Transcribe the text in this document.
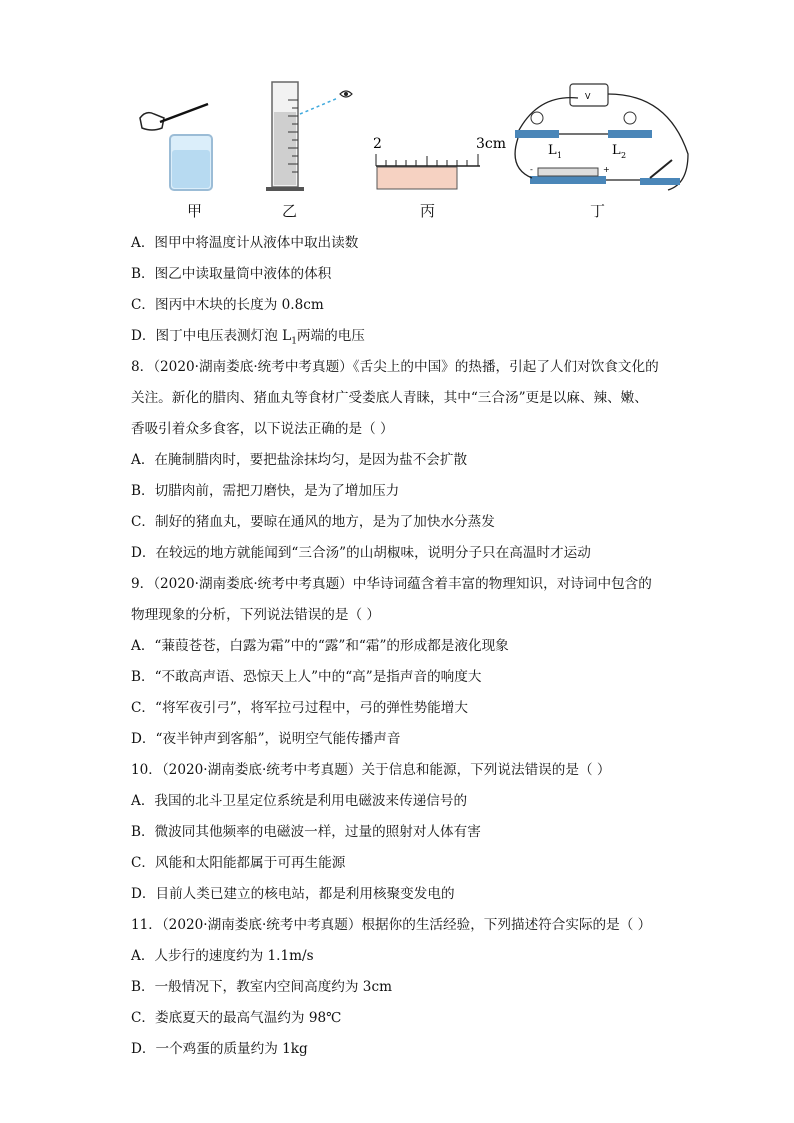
2	3cm
V
L 1	L 2
+
-
甲	乙	丙	丁
A．图甲中将温度计从液体中取出读数
B．图乙中读取量筒中液体的体积
C．图丙中木块的长度为 0.8cm
D．图丁中电压表测灯泡 $L_1$两端的电压
8．（2020·湖南娄底·统考中考真题）《舌尖上的中国》的热播，引起了人们对饮食文化的
关注。新化的腊肉、猪血丸等食材广受娄底人青睐，其中“三合汤”更是以麻、辣、嫩、
香吸引着众多食客，以下说法正确的是（ ）
A．在腌制腊肉时，要把盐涂抹均匀，是因为盐不会扩散
B．切腊肉前，需把刀磨快，是为了增加压力
C．制好的猪血丸，要晾在通风的地方，是为了加快水分蒸发
D．在较远的地方就能闻到“三合汤”的山胡椒味，说明分子只在高温时才运动
9．（2020·湖南娄底·统考中考真题）中华诗词蕴含着丰富的物理知识，对诗词中包含的
物理现象的分析，下列说法错误的是（ ）
A．“蒹葭苍苍，白露为霜”中的“露”和“霜”的形成都是液化现象
B．“不敢高声语、恐惊天上人”中的“高”是指声音的响度大
C．“将军夜引弓”，将军拉弓过程中，弓的弹性势能增大
D．“夜半钟声到客船”，说明空气能传播声音
10．（2020·湖南娄底·统考中考真题）关于信息和能源，下列说法错误的是（ ）
A．我国的北斗卫星定位系统是利用电磁波来传递信号的
B．微波同其他频率的电磁波一样，过量的照射对人体有害
C．风能和太阳能都属于可再生能源
D．目前人类已建立的核电站，都是利用核聚变发电的
11．（2020·湖南娄底·统考中考真题）根据你的生活经验，下列描述符合实际的是（ ）
A．人步行的速度约为 1.1m/s
B．一般情况下，教室内空间高度约为 3cm
C．娄底夏天的最高气温约为 98℃
D．一个鸡蛋的质量约为 1kg
